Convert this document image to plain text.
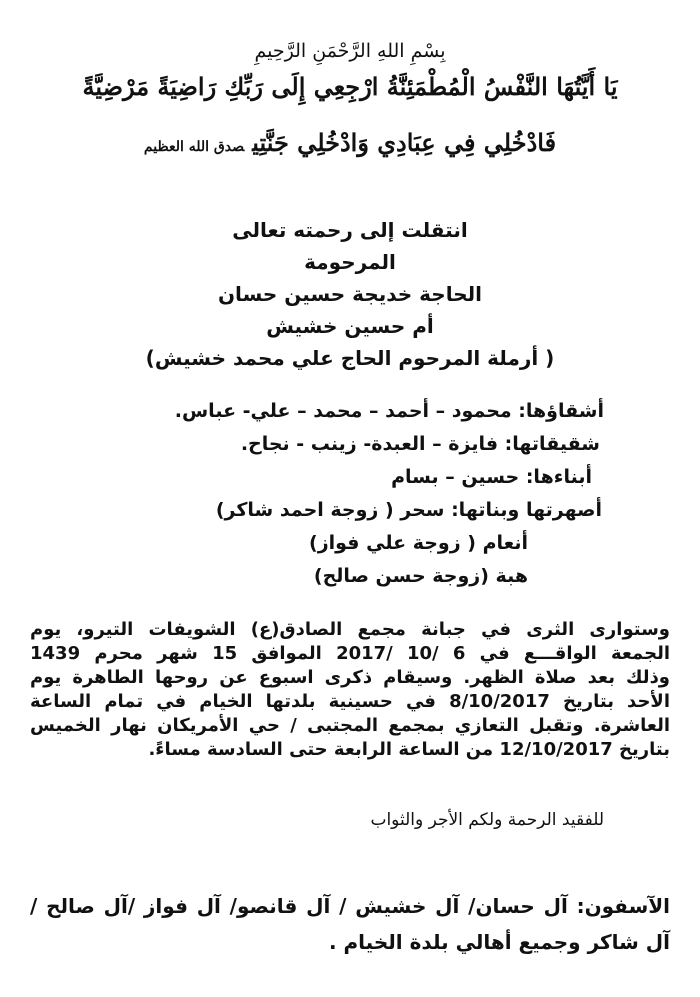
بِسْمِ اللهِ الرَّحْمَنِ الرَّحِيمِ
يَا أَيَّتُهَا النَّفْسُ الْمُطْمَئِنَّةُ ارْجِعِي إِلَى رَبِّكِ رَاضِيَةً مَرْضِيَّةً
فَادْخُلِي فِي عِبَادِي وَادْخُلِي جَنَّتِيصدق الله العظيم
انتقلت إلى رحمته تعالى
المرحومة
الحاجة خديجة حسين حسان
أم حسين خشيش
( أرملة المرحوم الحاج علي محمد خشيش)
أشقاؤها: محمود – أحمد – محمد – علي- عباس.
شقيقاتها: فايزة – العبدة- زينب - نجاح.
أبناءها: حسين – بسام
أصهرتها وبناتها: سحر ( زوجة احمد شاكر)
أنعام ( زوجة علي فواز)
هبة (زوجة حسن صالح)
وستوارى الثرى في جبانة مجمع الصادق(ع) الشويفات التيرو، يوم
الجمعة الواقـــع في 6 /10 /2017 الموافق 15 شهر محرم 1439
وذلك بعد صلاة الظهر. وسيقام ذكرى اسبوع عن روحها الطاهرة يوم
الأحد بتاريخ 8/10/2017 في حسينية بلدتها الخيام في تمام الساعة
العاشرة. وتقبل التعازي بمجمع المجتبى / حي الأمريكان نهار الخميس
بتاريخ 12/10/2017 من الساعة الرابعة حتى السادسة مساءً.
للفقيد الرحمة ولكم الأجر والثواب
الآسفون: آل حسان/ آل خشيش / آل قانصو/ آل فواز /آل صالح / آل شاكر وجميع أهالي بلدة الخيام .
